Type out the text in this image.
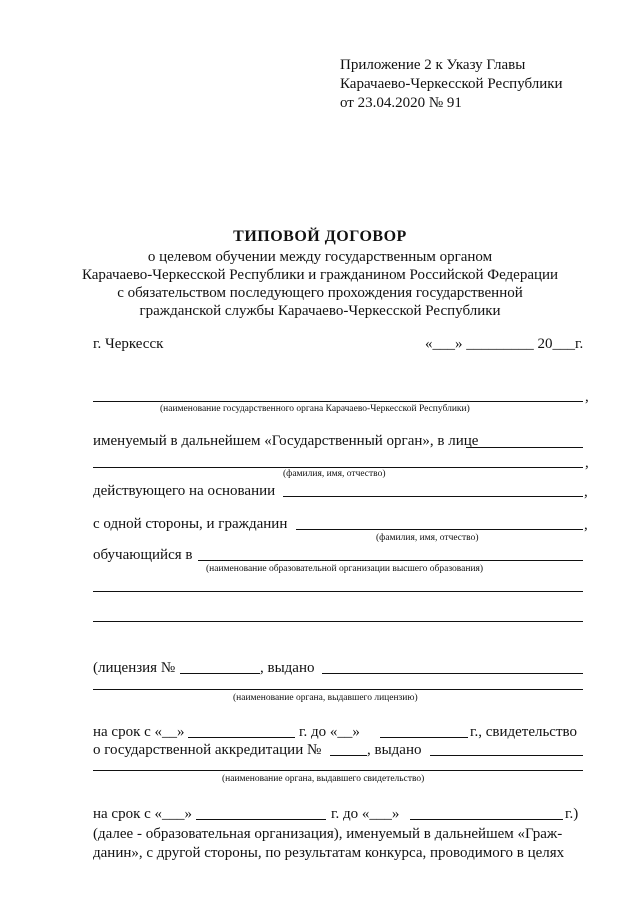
Приложение 2 к Указу Главы
Карачаево-Черкесской Республики
от 23.04.2020 № 91
ТИПОВОЙ ДОГОВОР
о целевом обучении между государственным органом
Карачаево-Черкесской Республики и гражданином Российской Федерации
с обязательством последующего прохождения государственной
гражданской службы Карачаево-Черкесской Республики
г. Черкесск	«___» _________ 20___г.
,
(наименование государственного органа Карачаево-Черкесской Республики)
именуемый в дальнейшем «Государственный орган», в лице
,
(фамилия, имя, отчество)
действующего на основании	,
с одной стороны, и гражданин	,
(фамилия, имя, отчество)
обучающийся в
(наименование образовательной организации высшего образования)
(лицензия №	, выдано
(наименование органа, выдавшего лицензию)
на срок с «__»	г. до «__»	г., свидетельство
о государственной аккредитации №	, выдано
(наименование органа, выдавшего свидетельство)
на срок с «___»	г. до «___»	г.)
(далее - образовательная организация), именуемый в дальнейшем «Граж-
данин», с другой стороны, по результатам конкурса, проводимого в целях
